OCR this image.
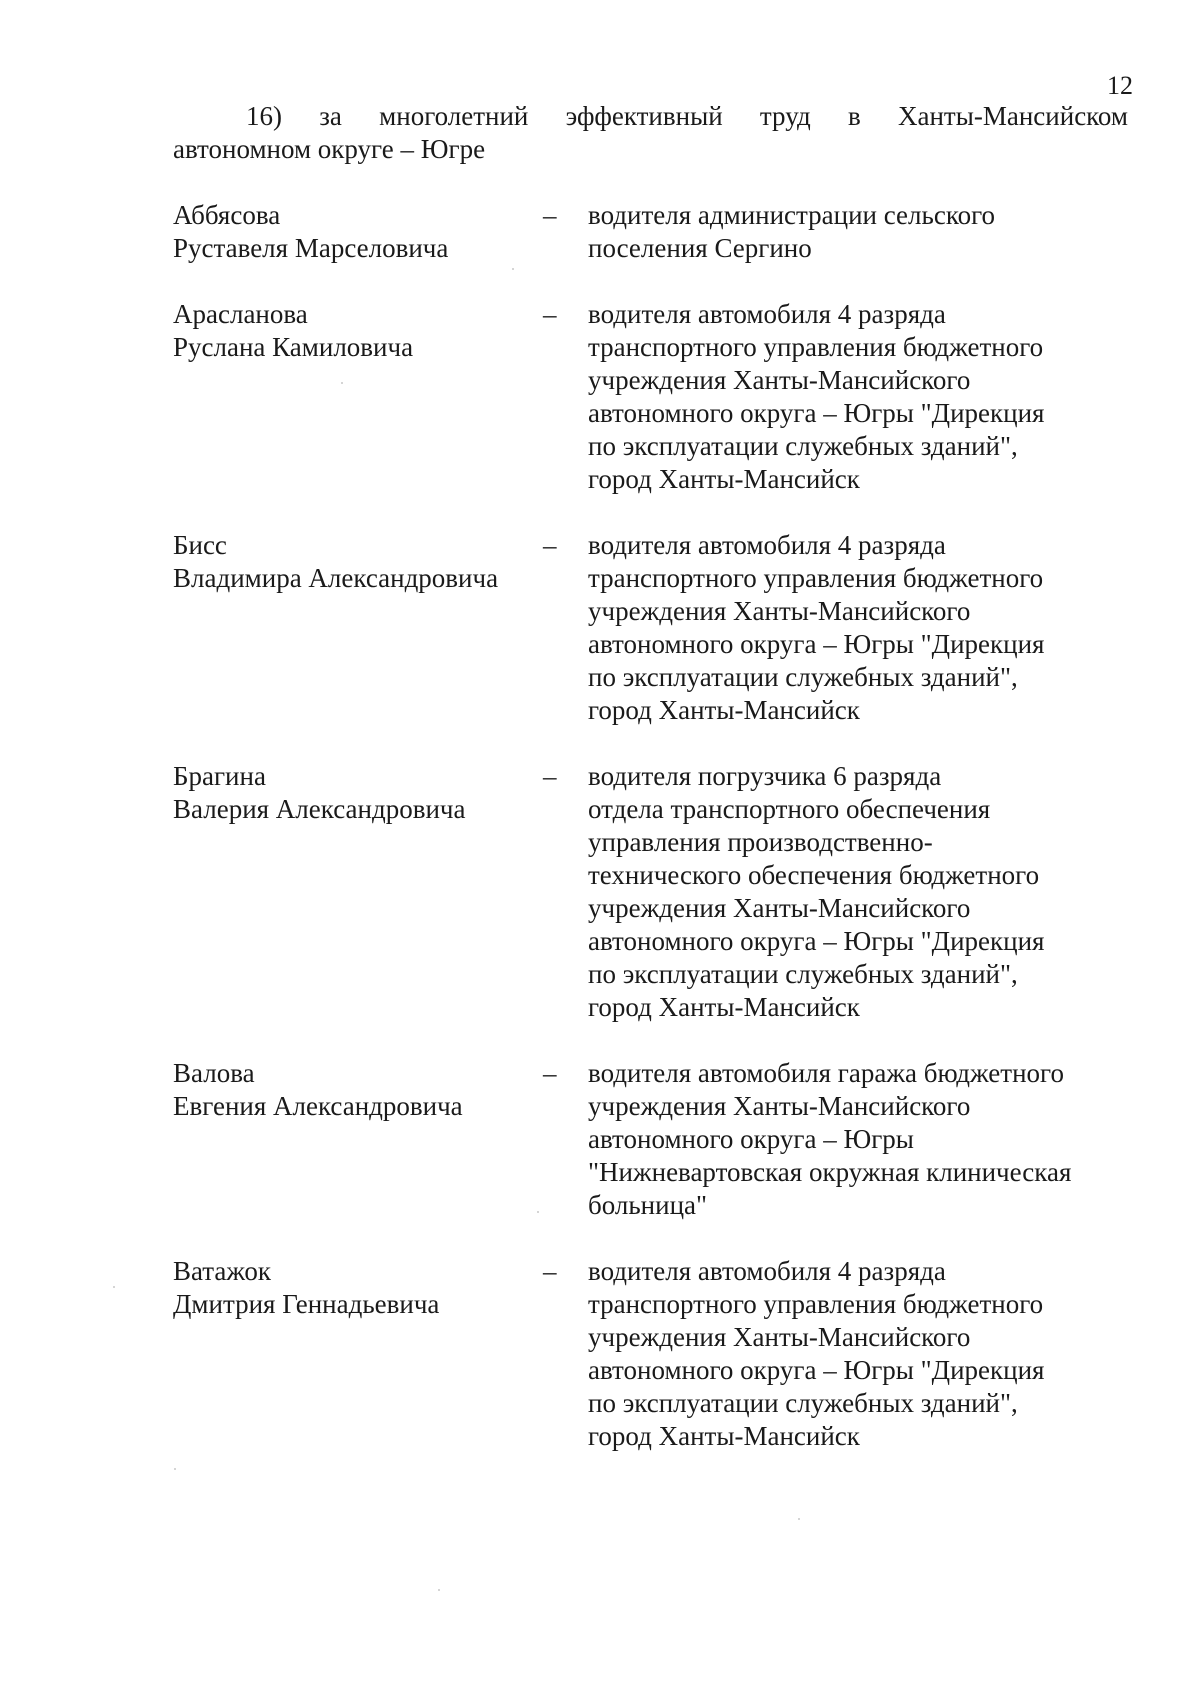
12
16) за многолетний эффективный труд в Ханты-Мансийском
автономном округе – Югре
Аббясова
Руставеля Марселовича
–	водителя администрации сельского
поселения Сергино
Арасланова
Руслана Камиловича
–	водителя автомобиля 4 разряда
транспортного управления бюджетного
учреждения Ханты-Мансийского
автономного округа – Югры "Дирекция
по эксплуатации служебных зданий",
город Ханты-Мансийск
Бисс
Владимира Александровича
–	водителя автомобиля 4 разряда
транспортного управления бюджетного
учреждения Ханты-Мансийского
автономного округа – Югры "Дирекция
по эксплуатации служебных зданий",
город Ханты-Мансийск
Брагина
Валерия Александровича
–	водителя погрузчика 6 разряда
отдела транспортного обеспечения
управления производственно-
технического обеспечения бюджетного
учреждения Ханты-Мансийского
автономного округа – Югры "Дирекция
по эксплуатации служебных зданий",
город Ханты-Мансийск
Валова
Евгения Александровича
–	водителя автомобиля гаража бюджетного
учреждения Ханты-Мансийского
автономного округа – Югры
"Нижневартовская окружная клиническая
больница"
Ватажок
Дмитрия Геннадьевича
–	водителя автомобиля 4 разряда
транспортного управления бюджетного
учреждения Ханты-Мансийского
автономного округа – Югры "Дирекция
по эксплуатации служебных зданий",
город Ханты-Мансийск
